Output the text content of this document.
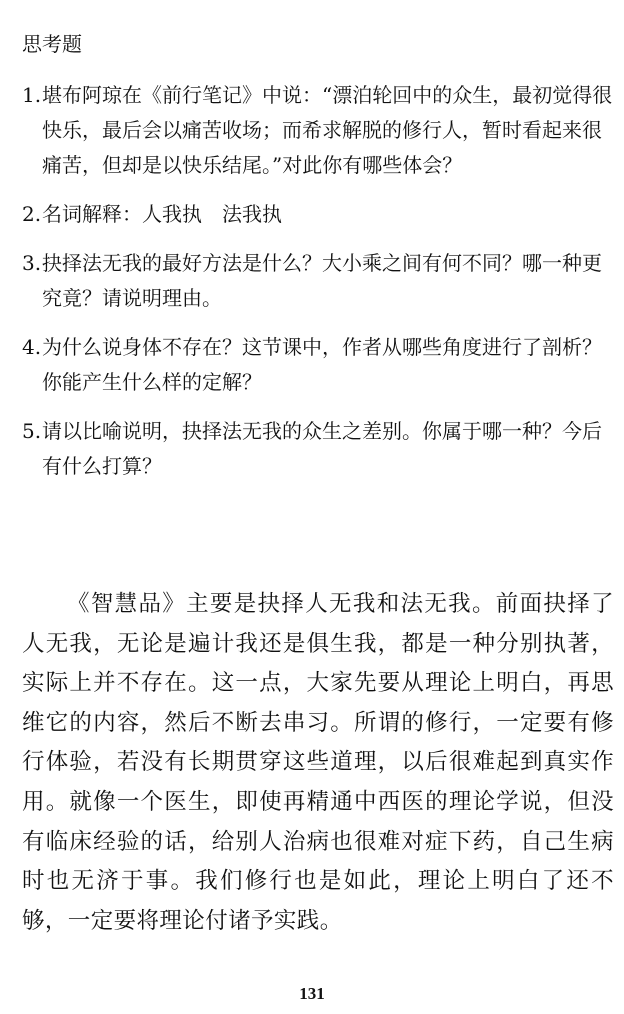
思考题
1. 堪布阿琼在《前行笔记》中说：“漂泊轮回中的众生，最初觉得很快乐，最后会以痛苦收场；而希求解脱的修行人，暂时看起来很痛苦，但却是以快乐结尾。”对此你有哪些体会？
2. 名词解释：人我执　法我执
3. 抉择法无我的最好方法是什么？大小乘之间有何不同？哪一种更究竟？请说明理由。
4. 为什么说身体不存在？这节课中，作者从哪些角度进行了剖析？你能产生什么样的定解？
5. 请以比喻说明，抉择法无我的众生之差别。你属于哪一种？今后有什么打算？

《智慧品》主要是抉择人无我和法无我。前面抉择了人无我，无论是遍计我还是俱生我，都是一种分别执著，实际上并不存在。这一点，大家先要从理论上明白，再思维它的内容，然后不断去串习。所谓的修行，一定要有修行体验，若没有长期贯穿这些道理，以后很难起到真实作用。就像一个医生，即使再精通中西医的理论学说，但没有临床经验的话，给别人治病也很难对症下药，自己生病时也无济于事。我们修行也是如此，理论上明白了还不够，一定要将理论付诸予实践。

131
